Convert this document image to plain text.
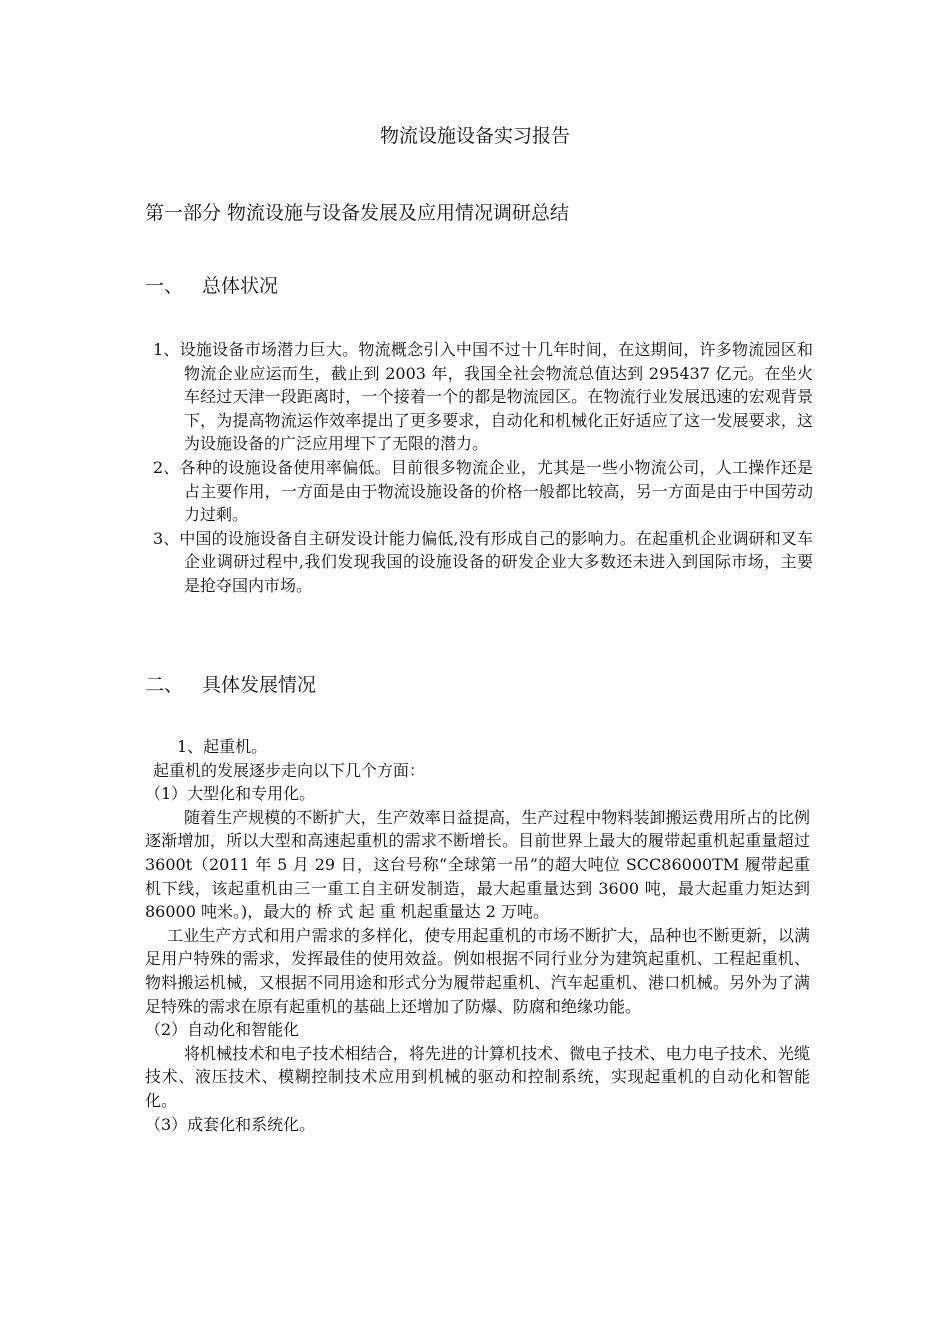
物流设施设备实习报告
第一部分 物流设施与设备发展及应用情况调研总结
一、 总体状况
1、设施设备市场潜力巨大。物流概念引入中国不过十几年时间，在这期间，许多物流园区和物流企业应运而生，截止到 2003 年，我国全社会物流总值达到 295437 亿元。在坐火车经过天津一段距离时，一个接着一个的都是物流园区。在物流行业发展迅速的宏观背景下，为提高物流运作效率提出了更多要求，自动化和机械化正好适应了这一发展要求，这为设施设备的广泛应用埋下了无限的潜力。
2、各种的设施设备使用率偏低。目前很多物流企业，尤其是一些小物流公司，人工操作还是占主要作用，一方面是由于物流设施设备的价格一般都比较高，另一方面是由于中国劳动力过剩。
3、中国的设施设备自主研发设计能力偏低,没有形成自己的影响力。在起重机企业调研和叉车企业调研过程中,我们发现我国的设施设备的研发企业大多数还未进入到国际市场，主要是抢夺国内市场。
二、 具体发展情况

1、起重机。

起重机的发展逐步走向以下几个方面：

（1）大型化和专用化。

随着生产规模的不断扩大，生产效率日益提高，生产过程中物料装卸搬运费用所占的比例逐渐增加，所以大型和高速起重机的需求不断增长。目前世界上最大的履带起重机起重量超过 3600t（2011 年 5 月 29 日，这台号称“全球第一吊”的超大吨位 SCC86000TM 履带起重机下线，该起重机由三一重工自主研发制造，最大起重量达到 3600 吨，最大起重力矩达到 86000 吨米。)，最大的 桥 式 起 重 机起重量达 2 万吨。

工业生产方式和用户需求的多样化，使专用起重机的市场不断扩大，品种也不断更新，以满足用户特殊的需求，发挥最佳的使用效益。例如根据不同行业分为建筑起重机、工程起重机、物料搬运机械，又根据不同用途和形式分为履带起重机、汽车起重机、港口机械。另外为了满足特殊的需求在原有起重机的基础上还增加了防爆、防腐和绝缘功能。

（2）自动化和智能化

将机械技术和电子技术相结合，将先进的计算机技术、微电子技术、电力电子技术、光缆技术、液压技术、模糊控制技术应用到机械的驱动和控制系统，实现起重机的自动化和智能化。

（3）成套化和系统化。
